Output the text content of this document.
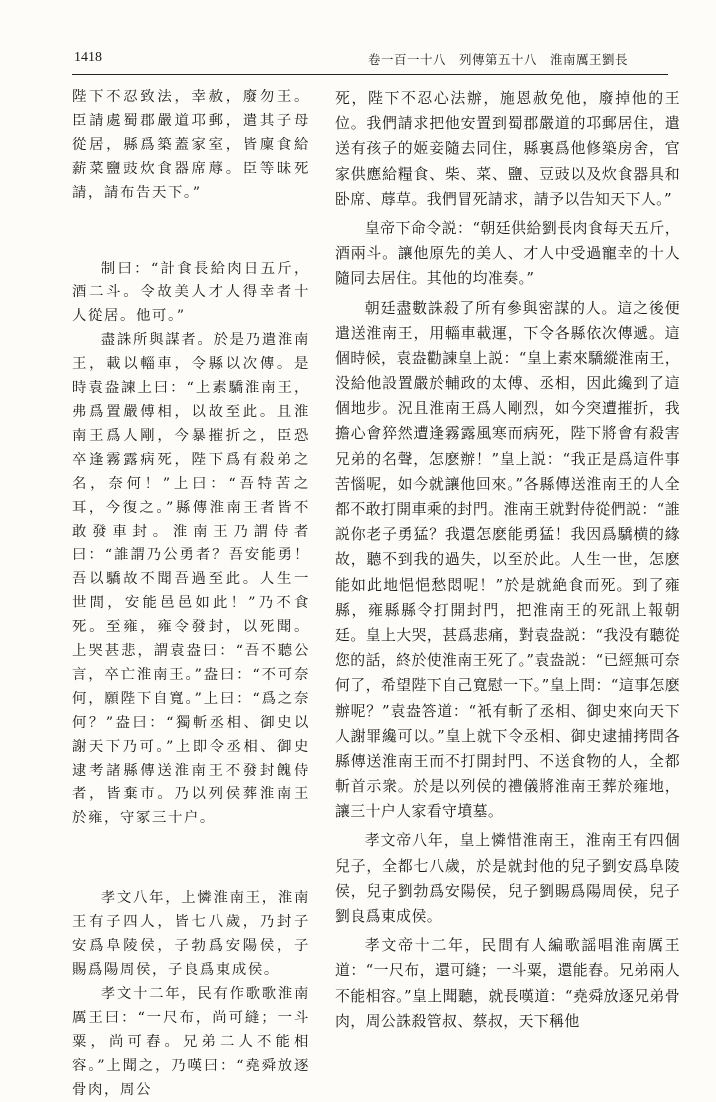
1418	卷一百一十八　列傳第五十八　淮南厲王劉長

陛下不忍致法，幸赦，廢勿王。臣請處蜀郡嚴道邛郵，遣其子母從居，縣爲築蓋家室，皆廩食給薪菜鹽豉炊食器席蓐。臣等昧死請，請布告天下。”

制曰：“計食長給肉日五斤，酒二斗。令故美人才人得幸者十人從居。他可。”

盡誅所與謀者。於是乃遣淮南王，載以輜車，令縣以次傳。是時袁盎諫上曰：“上素驕淮南王，弗爲置嚴傅相，以故至此。且淮南王爲人剛，今暴摧折之，臣恐卒逢霧露病死，陛下爲有殺弟之名，奈何！”上曰：“吾特苦之耳，今復之。”縣傳淮南王者皆不敢發車封。淮南王乃謂侍者曰：“誰謂乃公勇者？吾安能勇！吾以驕故不聞吾過至此。人生一世間，安能邑邑如此！”乃不食死。至雍，雍令發封，以死聞。上哭甚悲，謂袁盎曰：“吾不聽公言，卒亡淮南王。”盎曰：“不可奈何，願陛下自寬。”上曰：“爲之奈何？”盎曰：“獨斬丞相、御史以謝天下乃可。”上即令丞相、御史逮考諸縣傳送淮南王不發封餽侍者，皆棄市。乃以列侯葬淮南王於雍，守冢三十户。

孝文八年，上憐淮南王，淮南王有子四人，皆七八歲，乃封子安爲阜陵侯，子勃爲安陽侯，子賜爲陽周侯，子良爲東成侯。

孝文十二年，民有作歌歌淮南厲王曰：“一尺布，尚可縫；一斗粟，尚可舂。兄弟二人不能相容。”上聞之，乃嘆曰：“堯舜放逐骨肉，周公

死，陛下不忍心法辦，施恩赦免他，廢掉他的王位。我們請求把他安置到蜀郡嚴道的邛郵居住，遣送有孩子的姬妾隨去同住，縣裏爲他修築房舍，官家供應給糧食、柴、菜、鹽、豆豉以及炊食器具和卧席、蓐草。我們冒死請求，請予以告知天下人。”

皇帝下命令説：“朝廷供給劉長肉食每天五斤，酒兩斗。讓他原先的美人、才人中受過寵幸的十人隨同去居住。其他的均准奏。”

朝廷盡數誅殺了所有參與密謀的人。這之後便遣送淮南王，用輜車載運，下令各縣依次傳遞。這個時候，袁盎勸諫皇上説：“皇上素來驕縱淮南王，没給他設置嚴於輔政的太傅、丞相，因此纔到了這個地步。況且淮南王爲人剛烈，如今突遭摧折，我擔心會猝然遭逢霧露風寒而病死，陛下將會有殺害兄弟的名聲，怎麽辦！”皇上説：“我正是爲這件事苦惱呢，如今就讓他回來。”各縣傳送淮南王的人全都不敢打開車乘的封門。淮南王就對侍從們説：“誰説你老子勇猛？我還怎麽能勇猛！我因爲驕横的緣故，聽不到我的過失，以至於此。人生一世，怎麽能如此地悒悒愁悶呢！”於是就絶食而死。到了雍縣，雍縣縣令打開封門，把淮南王的死訊上報朝廷。皇上大哭，甚爲悲痛，對袁盎説：“我没有聽從您的話，終於使淮南王死了。”袁盎説：“已經無可奈何了，希望陛下自己寬慰一下。”皇上問：“這事怎麽辦呢？”袁盎答道：“衹有斬了丞相、御史來向天下人謝罪纔可以。”皇上就下令丞相、御史逮捕拷問各縣傳送淮南王而不打開封門、不送食物的人，全都斬首示衆。於是以列侯的禮儀將淮南王葬於雍地，讓三十户人家看守墳墓。

孝文帝八年，皇上憐惜淮南王，淮南王有四個兒子，全都七八歲，於是就封他的兒子劉安爲阜陵侯，兒子劉勃爲安陽侯，兒子劉賜爲陽周侯，兒子劉良爲東成侯。

孝文帝十二年，民間有人編歌謡唱淮南厲王道：“一尺布，還可縫；一斗粟，還能舂。兄弟兩人不能相容。”皇上聞聽，就長嘆道：“堯舜放逐兄弟骨肉，周公誅殺管叔、蔡叔，天下稱他
